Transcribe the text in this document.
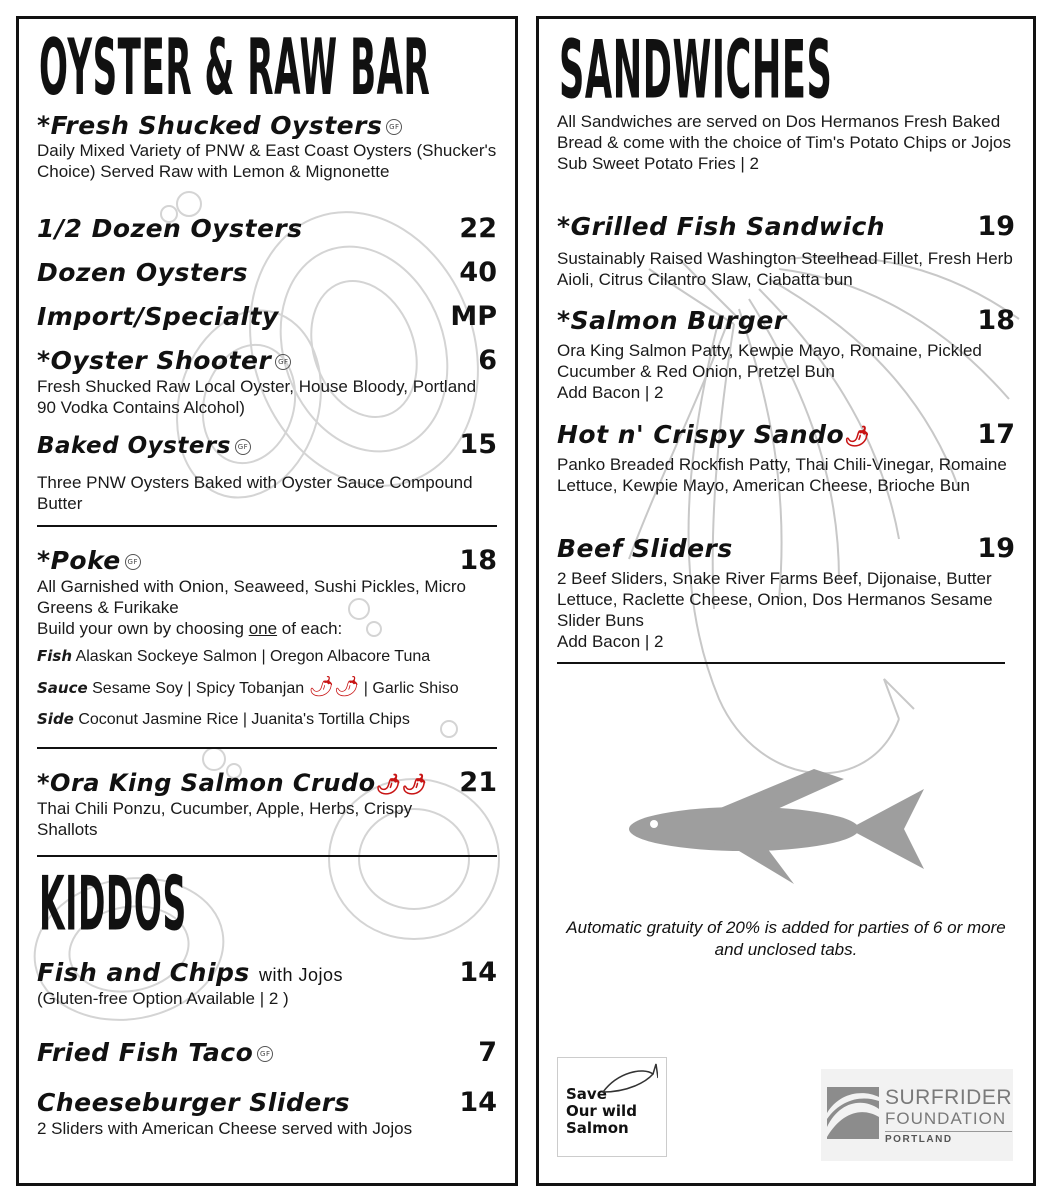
OYSTER & RAW BAR
*Fresh Shucked Oysters GF
Daily Mixed Variety of PNW & East Coast Oysters (Shucker's Choice) Served Raw with Lemon & Mignonette
1/2 Dozen Oysters	22
Dozen Oysters	40
Import/Specialty	MP
*Oyster Shooter GF	6
Fresh Shucked Raw Local Oyster, House Bloody, Portland 90 Vodka Contains Alcohol)
Baked Oysters GF	15
Three PNW Oysters Baked with Oyster Sauce Compound Butter
*Poke GF	18
All Garnished with Onion, Seaweed, Sushi Pickles, Micro Greens & Furikake
Build your own by choosing one of each:
Fish Alaskan Sockeye Salmon | Oregon Albacore Tuna
Sauce Sesame Soy | Spicy Tobanjan 🌶🌶 | Garlic Shiso
Side Coconut Jasmine Rice | Juanita's Tortilla Chips
*Ora King Salmon Crudo🌶🌶 21
Thai Chili Ponzu, Cucumber, Apple, Herbs, Crispy Shallots
KIDDOS
Fish and Chips with Jojos	14
(Gluten-free Option Available | 2 )
Fried Fish Taco GF	7
Cheeseburger Sliders	14
2 Sliders with American Cheese served with Jojos
SANDWICHES
All Sandwiches are served on Dos Hermanos Fresh Baked Bread & come with the choice of Tim's Potato Chips or Jojos
Sub Sweet Potato Fries | 2
*Grilled Fish Sandwich	19
Sustainably Raised Washington Steelhead Fillet, Fresh Herb Aioli, Citrus Cilantro Slaw, Ciabatta bun
*Salmon Burger	18
Ora King Salmon Patty, Kewpie Mayo, Romaine, Pickled Cucumber & Red Onion, Pretzel Bun
Add Bacon | 2
Hot n' Crispy Sando🌶	17
Panko Breaded Rockfish Patty, Thai Chili-Vinegar, Romaine Lettuce, Kewpie Mayo, American Cheese, Brioche Bun
Beef Sliders	19
2 Beef Sliders, Snake River Farms Beef, Dijonaise, Butter Lettuce, Raclette Cheese, Onion, Dos Hermanos Sesame Slider Buns
Add Bacon | 2
Automatic gratuity of 20% is added for parties of 6 or more and unclosed tabs.
Save
Our wild
Salmon
SURFRIDER
FOUNDATION
PORTLAND
